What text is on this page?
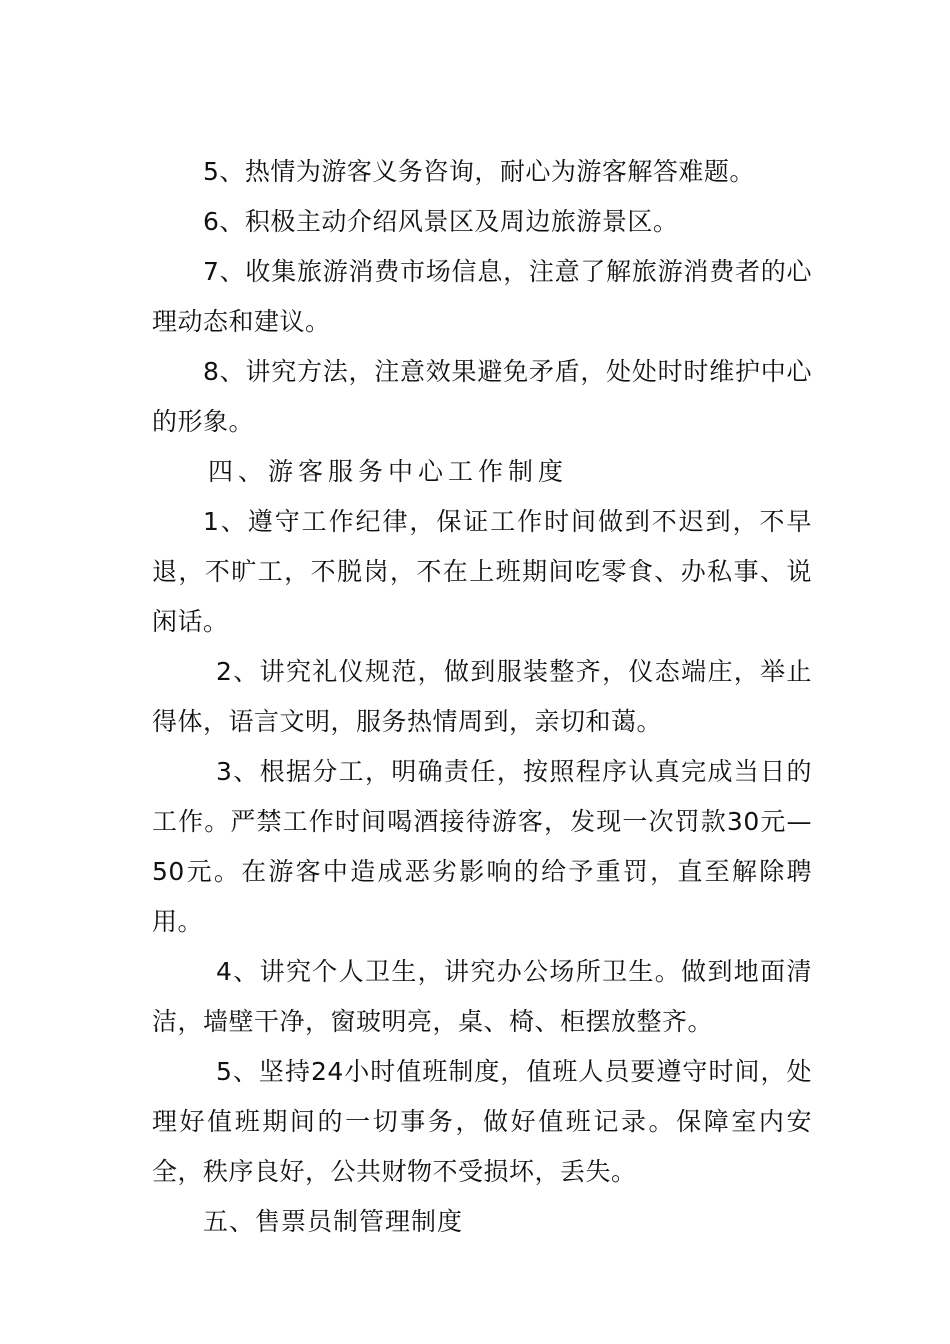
5、热情为游客义务咨询，耐心为游客解答难题。

6、积极主动介绍风景区及周边旅游景区。

7、收集旅游消费市场信息，注意了解旅游消费者的心理动态和建议。

8、讲究方法，注意效果避免矛盾，处处时时维护中心的形象。

四、游客服务中心工作制度

1、遵守工作纪律，保证工作时间做到不迟到，不早退，不旷工，不脱岗，不在上班期间吃零食、办私事、说闲话。

2、讲究礼仪规范，做到服装整齐，仪态端庄，举止得体，语言文明，服务热情周到，亲切和蔼。

3、根据分工，明确责任，按照程序认真完成当日的工作。严禁工作时间喝酒接待游客，发现一次罚款30元—50元。在游客中造成恶劣影响的给予重罚，直至解除聘用。

4、讲究个人卫生，讲究办公场所卫生。做到地面清洁，墙壁干净，窗玻明亮，桌、椅、柜摆放整齐。

5、坚持24小时值班制度，值班人员要遵守时间，处理好值班期间的一切事务，做好值班记录。保障室内安全，秩序良好，公共财物不受损坏，丢失。

五、售票员制管理制度
